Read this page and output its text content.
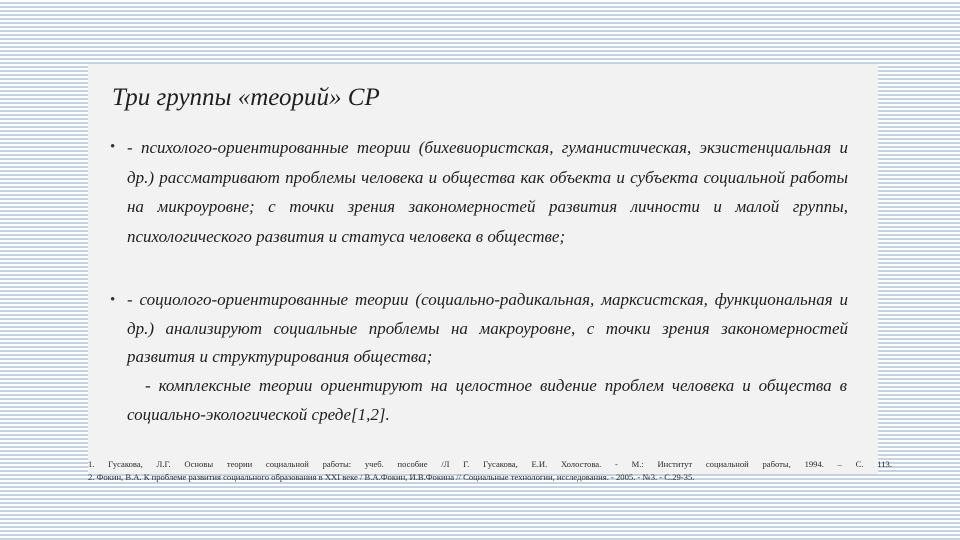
Три группы «теорий» СР
• - психолого-ориентированные теории (бихевиористская, гуманистическая, экзистенциальная и др.) рассматривают проблемы человека и общества как объекта и субъекта социальной работы на микроуровне; с точки зрения закономерностей развития личности и малой группы, психологического развития и статуса человека в обществе;
• - социолого-ориентированные теории (социально-радикальная, марксистская, функциональная и др.) анализируют социальные проблемы на макроуровне, с точки зрения закономерностей развития и структурирования общества;
- комплексные теории ориентируют на целостное видение проблем человека и общества в социально-экологической среде[1,2].
1. Гусакова, Л.Г. Основы теории социальной работы: учеб. пособие /Л Г. Гусакова, Е.И. Холостова. - М.: Институт социальной работы, 1994. – С. 113.
2. Фокин, В.А. К проблеме развития социального образования в XXI веке / В.А.Фокин, И.В.Фокина // Социальные технологии, исследования. - 2005. - №3. - С.29-35.
